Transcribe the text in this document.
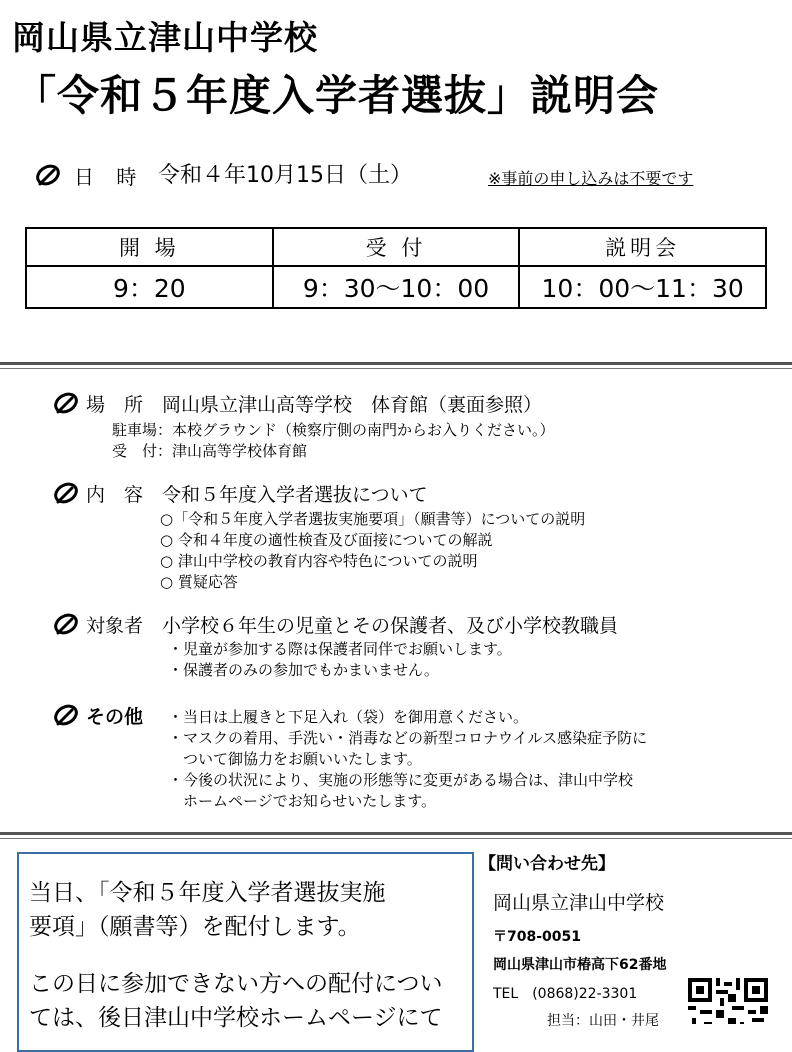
岡山県立津山中学校
「令和５年度入学者選抜」説明会
日 時 令和４年10月15日（土）	※事前の申し込みは不要です
開 場	受 付	説明会
9：20	9：30〜10：00	10：00〜11：30
場　所　岡山県立津山高等学校　体育館（裏面参照）
駐車場：本校グラウンド（検察庁側の南門からお入りください。）
受　付：津山高等学校体育館
内　容　令和５年度入学者選抜について
○「令和５年度入学者選抜実施要項」（願書等）についての説明
○ 令和４年度の適性検査及び面接についての解説
○ 津山中学校の教育内容や特色についての説明
○ 質疑応答
対象者　小学校６年生の児童とその保護者、及び小学校教職員
・児童が参加する際は保護者同伴でお願いします。
・保護者のみの参加でもかまいません。
その他 ・当日は上履きと下足入れ（袋）を御用意ください。
・マスクの着用、手洗い・消毒などの新型コロナウイルス感染症予防に
　ついて御協力をお願いいたします。
・今後の状況により、実施の形態等に変更がある場合は、津山中学校
　ホームページでお知らせいたします。
当日、「令和５年度入学者選抜実施
要項」（願書等）を配付します。
この日に参加できない方への配付につい
ては、後日津山中学校ホームページにて
【問い合わせ先】
岡山県立津山中学校
〒708-0051
岡山県津山市椿高下62番地
TEL　(0868)22-3301
担当：山田・井尾
